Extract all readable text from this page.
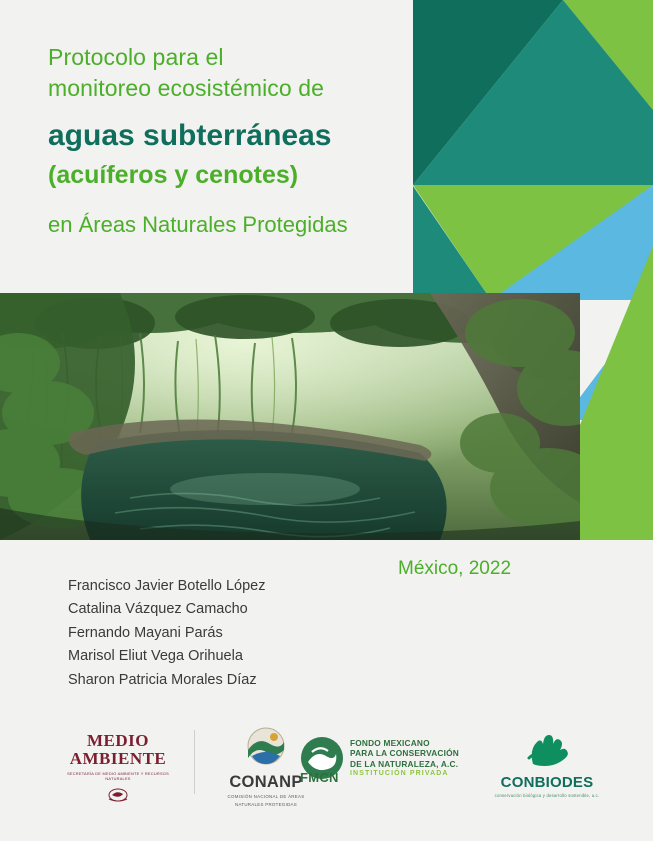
Protocolo para el
monitoreo ecosistémico de
aguas subterráneas
(acuíferos y cenotes)
en Áreas Naturales Protegidas
México, 2022
Francisco Javier Botello López
Catalina Vázquez Camacho
Fernando Mayani Parás
Marisol Eliut Vega Orihuela
Sharon Patricia Morales Díaz
MEDIO
AMBIENTE
SECRETARÍA DE MEDIO AMBIENTE Y RECURSOS NATURALES	CONANP
COMISIÓN NACIONAL DE ÁREAS
NATURALES PROTEGIDAS
FONDO MEXICANO
PARA LA CONSERVACIÓN
DE LA NATURALEZA, A.C.
FMCN INSTITUCIÓN PRIVADA
CONBIODES
conservación biológica y desarrollo sostenible, a.c.
